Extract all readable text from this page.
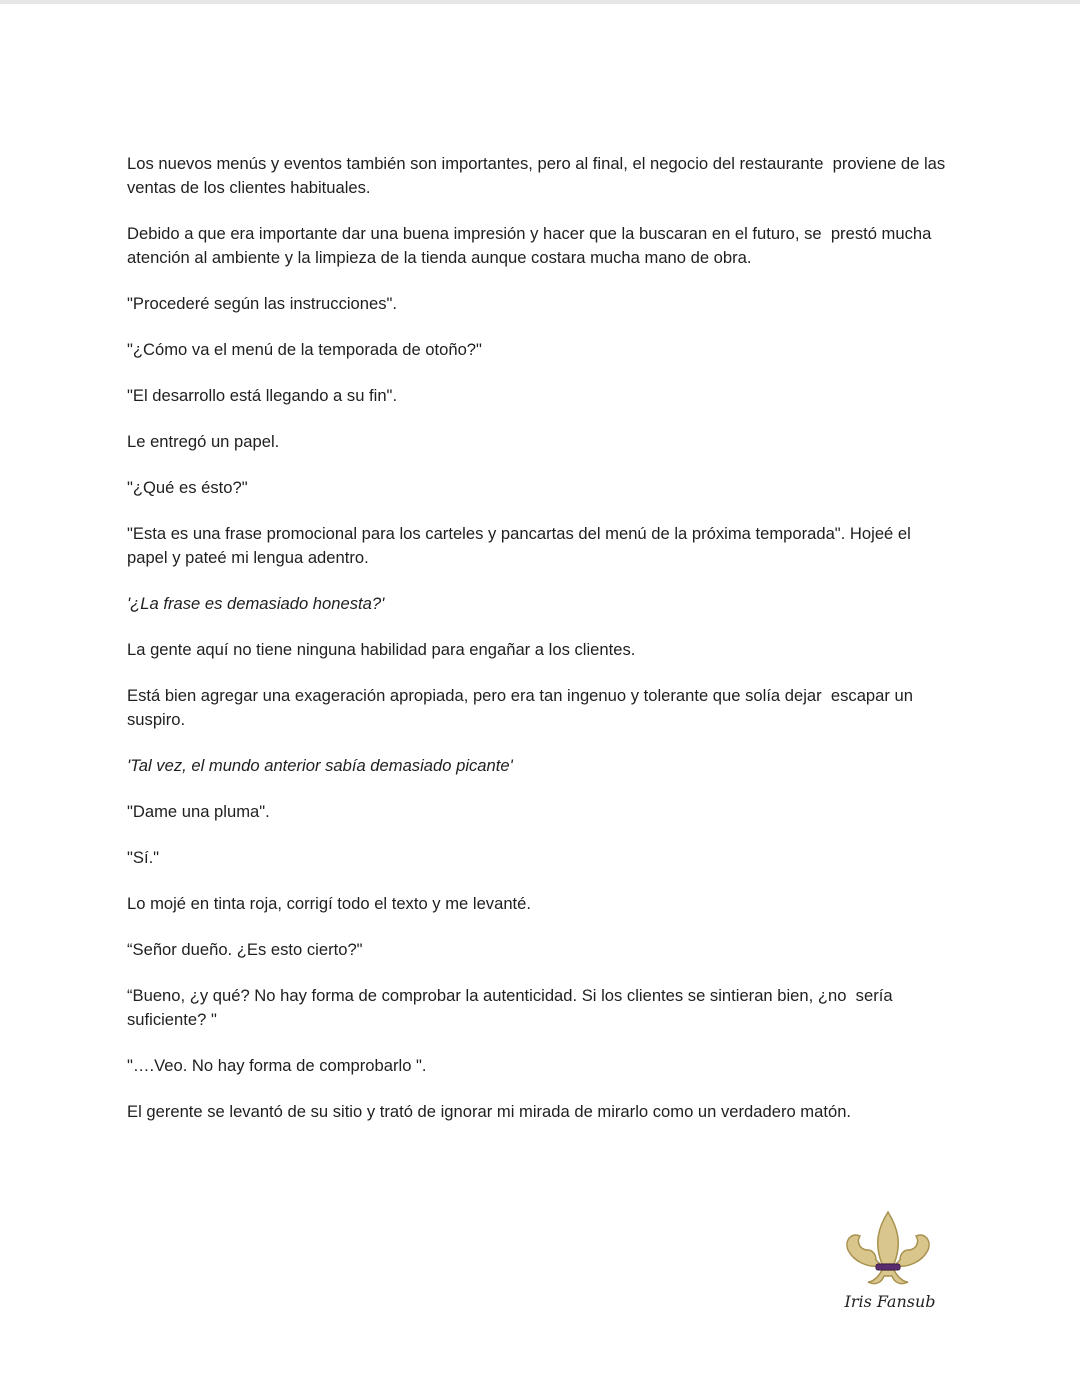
Los nuevos menús y eventos también son importantes, pero al final, el negocio del restaurante  proviene de las ventas de los clientes habituales.

Debido a que era importante dar una buena impresión y hacer que la buscaran en el futuro, se  prestó mucha atención al ambiente y la limpieza de la tienda aunque costara mucha mano de obra.

"Procederé según las instrucciones".

"¿Cómo va el menú de la temporada de otoño?"

"El desarrollo está llegando a su fin".

Le entregó un papel.

"¿Qué es ésto?"

"Esta es una frase promocional para los carteles y pancartas del menú de la próxima temporada". Hojeé el papel y pateé mi lengua adentro.

'¿La frase es demasiado honesta?'

La gente aquí no tiene ninguna habilidad para engañar a los clientes.

Está bien agregar una exageración apropiada, pero era tan ingenuo y tolerante que solía dejar  escapar un suspiro.

'Tal vez, el mundo anterior sabía demasiado picante'

"Dame una pluma".

"Sí."

Lo mojé en tinta roja, corrigí todo el texto y me levanté.

“Señor dueño. ¿Es esto cierto?"

“Bueno, ¿y qué? No hay forma de comprobar la autenticidad. Si los clientes se sintieran bien, ¿no  sería suficiente? "

"….Veo. No hay forma de comprobarlo ".

El gerente se levantó de su sitio y trató de ignorar mi mirada de mirarlo como un verdadero matón.

Iris Fansub
